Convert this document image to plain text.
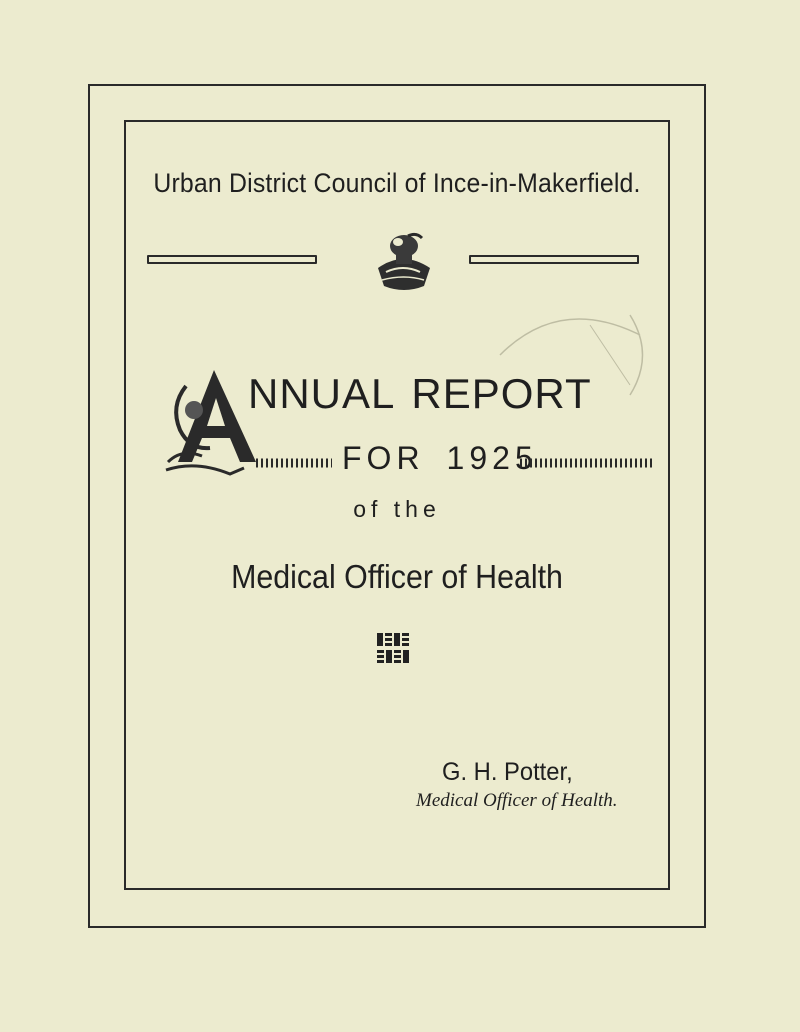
Urban District Council of Ince-in-Makerfield.
NNUAL REPORT
FOR 1925
of the
Medical Officer of Health
G. H. Potter,
Medical Officer of Health.
